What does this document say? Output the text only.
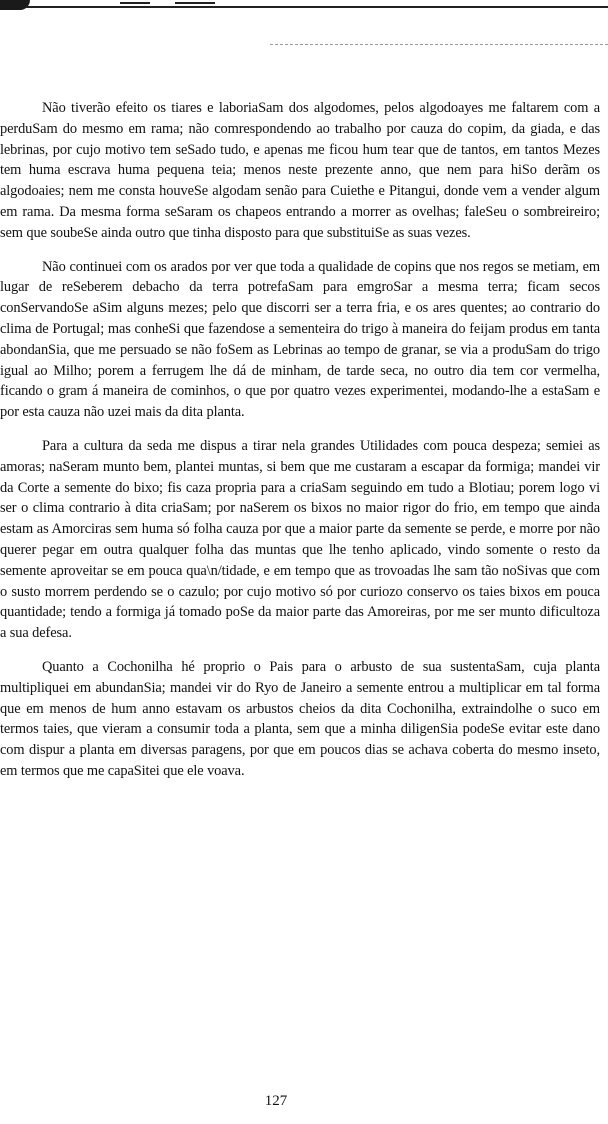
Não tiverão efeito os tiares e laboriaSam dos algodomes, pelos algodoayes me faltarem com a perduSam do mesmo em rama; não comrespondendo ao trabalho por cauza do copim, da giada, e das lebrinas, por cujo motivo tem seSado tudo, e apenas me ficou hum tear que de tantos, em tantos Mezes tem huma escrava huma pequena teia; menos neste prezente anno, que nem para hiSo derãm os algodoaies; nem me consta houveSe algodam senão para Cuiethe e Pitangui, donde vem a vender algum em rama. Da mesma forma seSaram os chapeos entrando a morrer as ovelhas; faleSeu o sombreireiro; sem que soubeSe ainda outro que tinha disposto para que substituiSe as suas vezes.

Não continuei com os arados por ver que toda a qualidade de copins que nos regos se metiam, em lugar de reSeberem debacho da terra potrefaSam para emgroSar a mesma terra; ficam secos conServandoSe aSim alguns mezes; pelo que discorri ser a terra fria, e os ares quentes; ao contrario do clima de Portugal; mas conheSi que fazendose a sementeira do trigo à maneira do feijam produs em tanta abondanSia, que me persuado se não foSem as Lebrinas ao tempo de granar, se via a produSam do trigo igual ao Milho; porem a ferrugem lhe dá de minham, de tarde seca, no outro dia tem cor vermelha, ficando o gram á maneira de cominhos, o que por quatro vezes experimentei, modando-lhe a estaSam e por esta cauza não uzei mais da dita planta.

Para a cultura da seda me dispus a tirar nela grandes Utilidades com pouca despeza; semiei as amoras; naSeram munto bem, plantei muntas, si bem que me custaram a escapar da formiga; mandei vir da Corte a semente do bixo; fis caza propria para a criaSam seguindo em tudo a Blotiau; porem logo vi ser o clima contrario à dita criaSam; por naSerem os bixos no maior rigor do frio, em tempo que ainda estam as Amorciras sem huma só folha cauza por que a maior parte da semente se perde, e morre por não querer pegar em outra qualquer folha das muntas que lhe tenho aplicado, vindo somente o resto da semente aproveitar se em pouca qua\n/tidade, e em tempo que as trovoadas lhe sam tão noSivas que com o susto morrem perdendo se o cazulo; por cujo motivo só por curiozo conservo os taies bixos em pouca quantidade; tendo a formiga já tomado poSe da maior parte das Amoreiras, por me ser munto dificultoza a sua defesa.

Quanto a Cochonilha hé proprio o Pais para o arbusto de sua sustentaSam, cuja planta multipliquei em abundanSia; mandei vir do Ryo de Janeiro a semente entrou a multiplicar em tal forma que em menos de hum anno estavam os arbustos cheios da dita Cochonilha, extraindolhe o suco em termos taies, que vieram a consumir toda a planta, sem que a minha diligenSia podeSe evitar este dano com dispur a planta em diversas paragens, por que em poucos dias se achava coberta do mesmo inseto, em termos que me capaSitei que ele voava.

127
